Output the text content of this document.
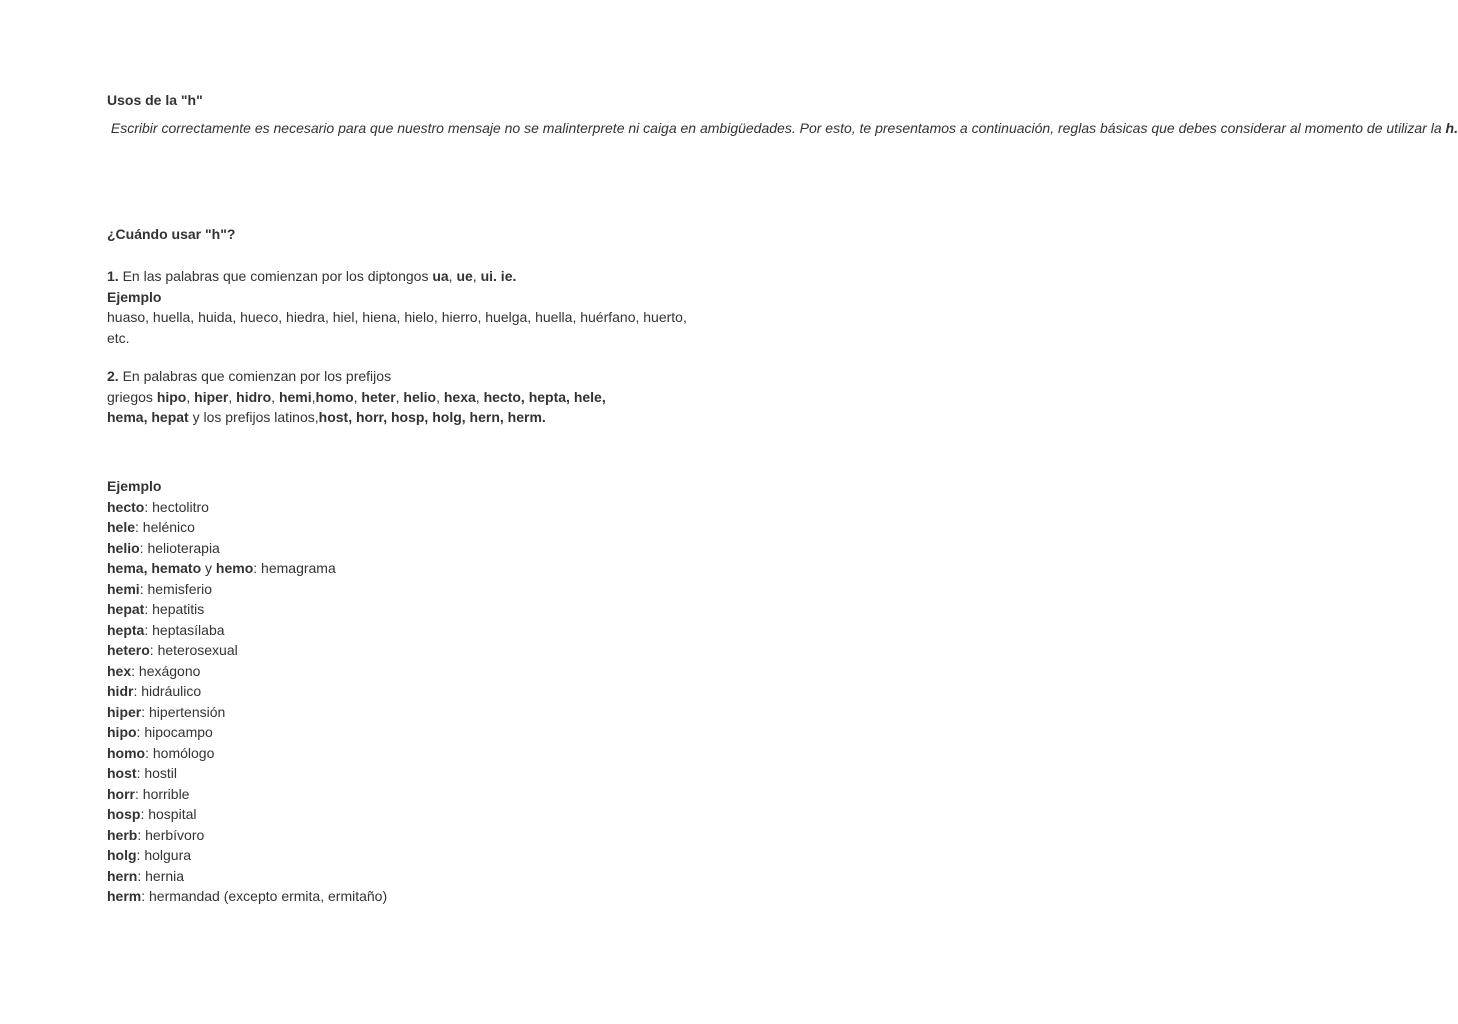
Usos de la "h"
Escribir correctamente es necesario para que nuestro mensaje no se malinterprete ni caiga en ambigüedades. Por esto, te presentamos a continuación, reglas básicas que debes considerar al momento de utilizar la h.
¿Cuándo usar "h"?
1. En las palabras que comienzan por los diptongos ua, ue, ui. ie.
Ejemplo
huaso, huella, huida, hueco, hiedra, hiel, hiena, hielo, hierro, huelga, huella, huérfano, huerto, etc.
2. En palabras que comienzan por los prefijos
griegos hipo, hiper, hidro, hemi,homo, heter, helio, hexa, hecto, hepta, hele,
hema, hepat y los prefijos latinos,host, horr, hosp, holg, hern, herm.
Ejemplo
hecto: hectolitro
hele: helénico
helio: helioterapia
hema, hemato y hemo: hemagrama
hemi: hemisferio
hepat: hepatitis
hepta: heptasílaba
hetero: heterosexual
hex: hexágono
hidr: hidráulico
hiper: hipertensión
hipo: hipocampo
homo: homólogo
host: hostil
horr: horrible
hosp: hospital
herb: herbívoro
holg: holgura
hern: hernia
herm: hermandad (excepto ermita, ermitaño)
